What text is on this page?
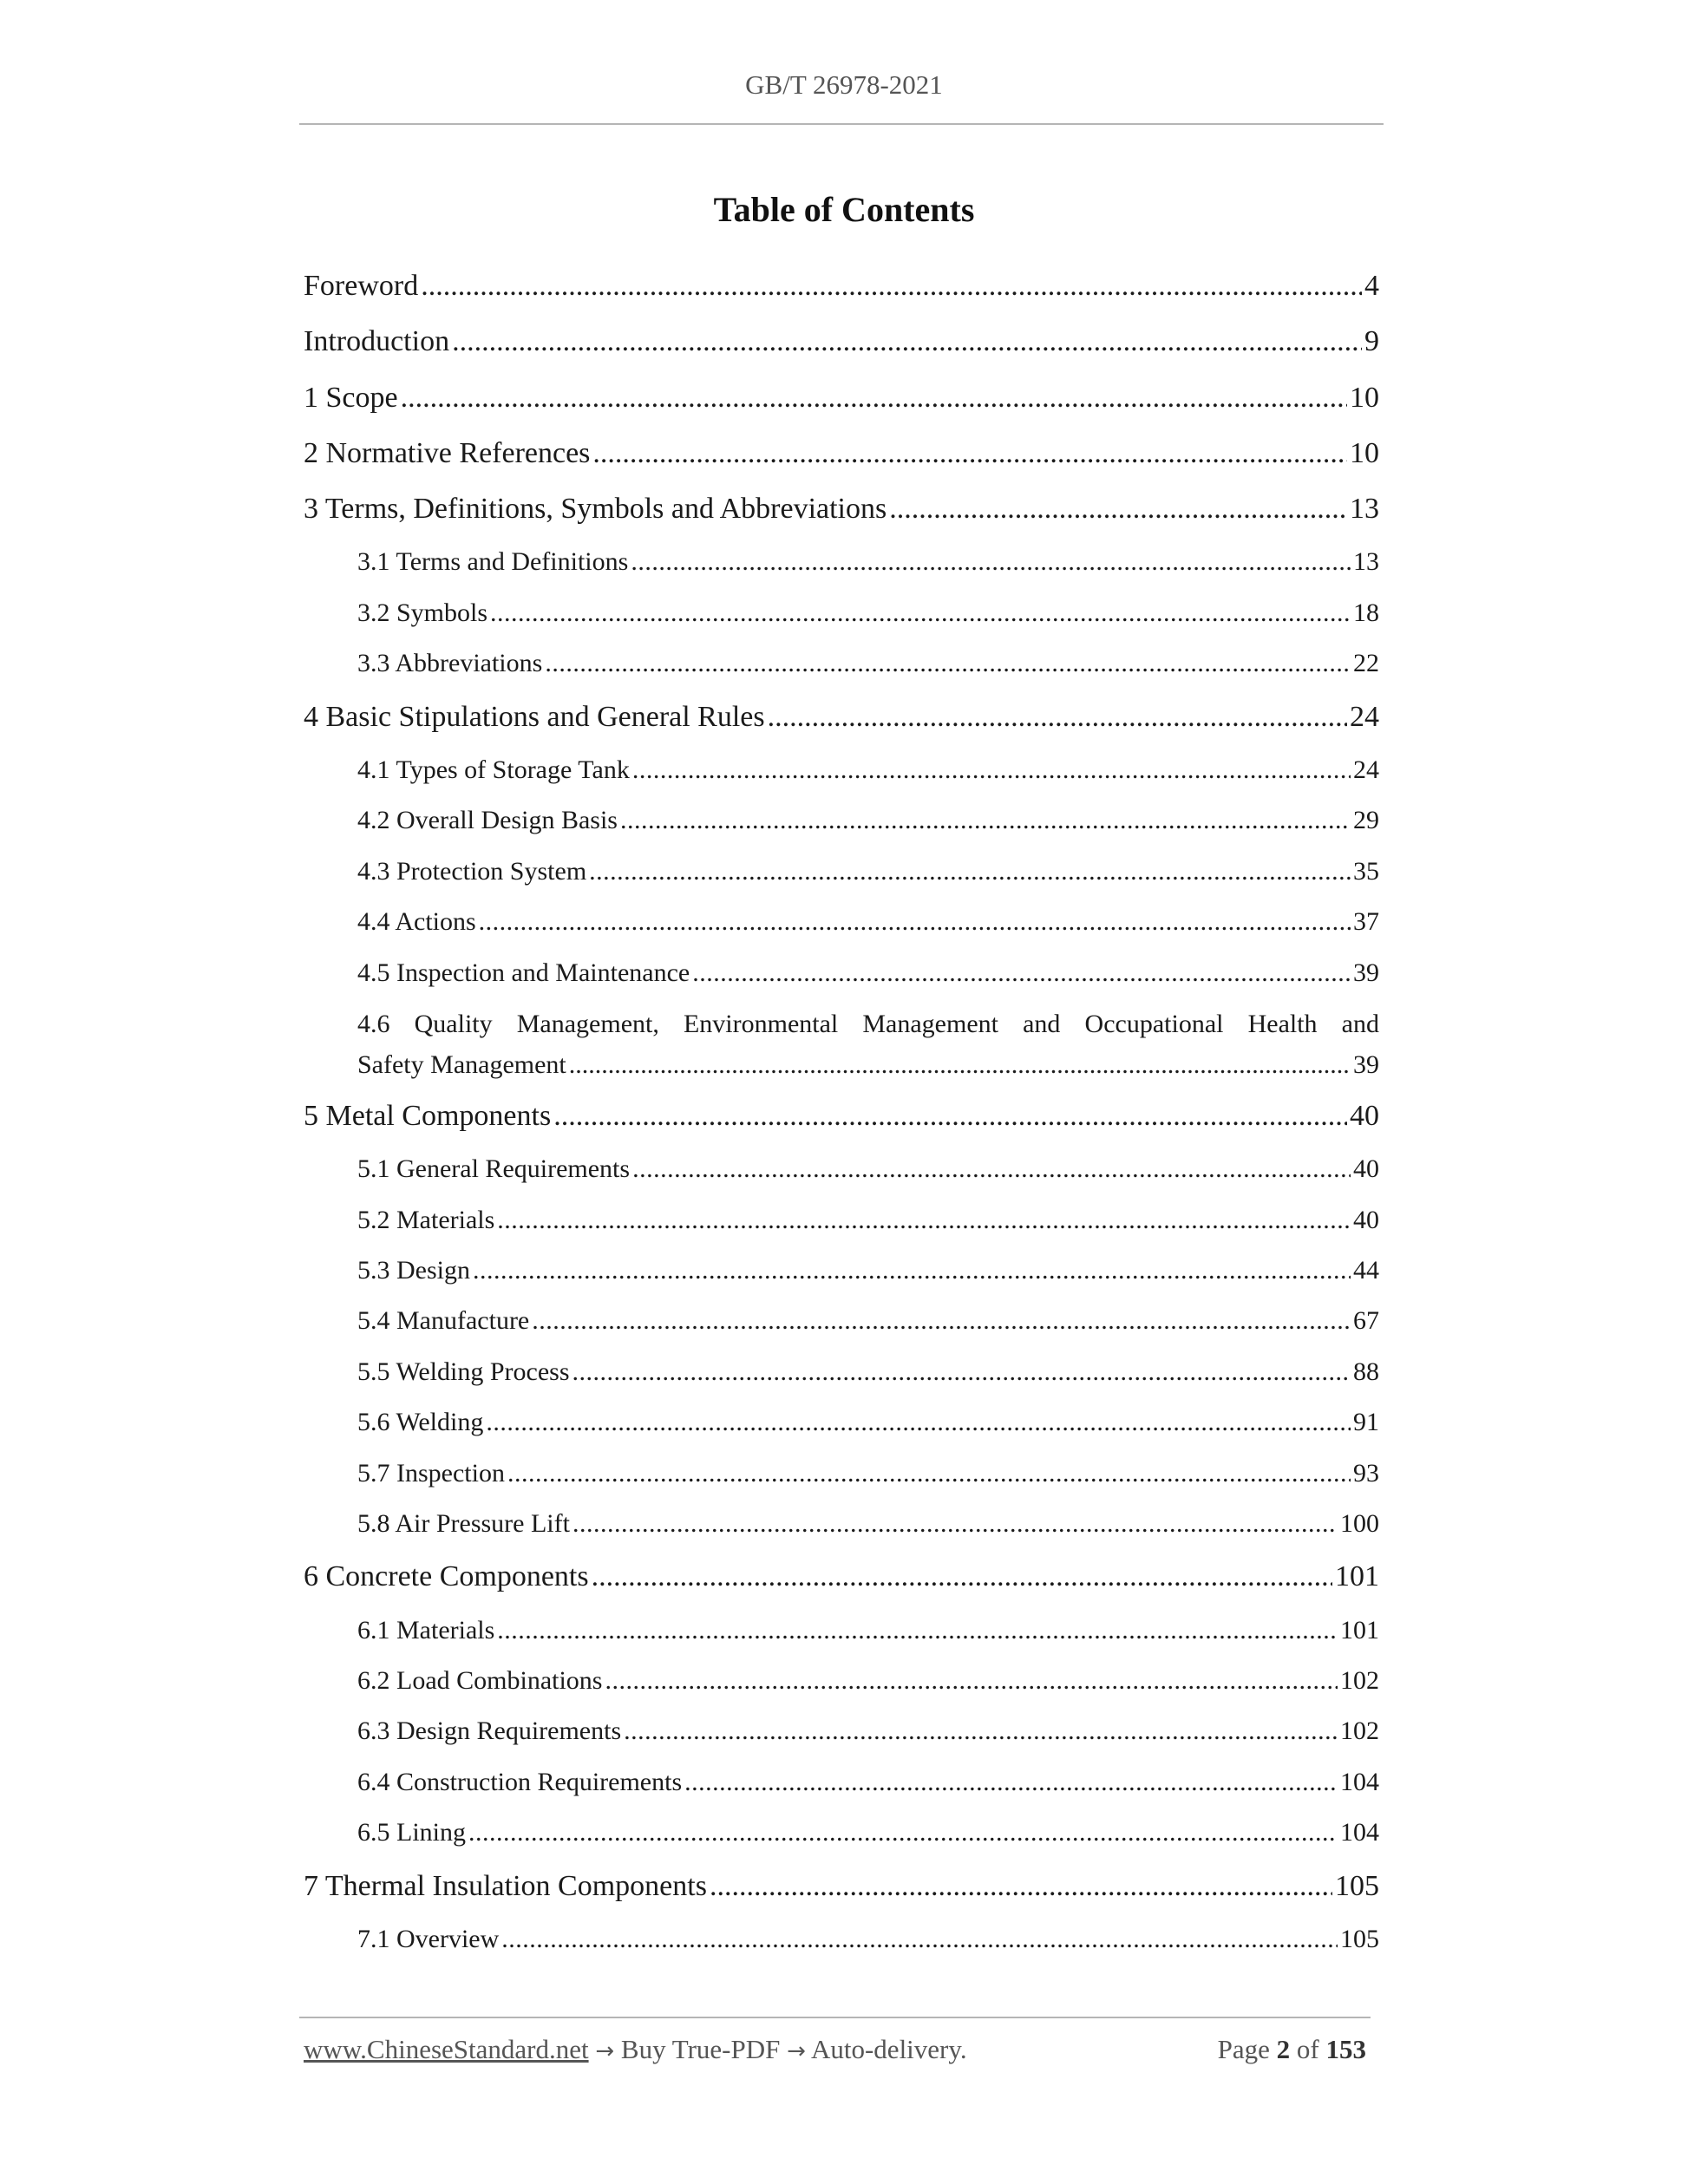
GB/T 26978-2021
Table of Contents
Foreword .....	4
Introduction .....	9
1 Scope .....	10
2 Normative References .....	10
3 Terms, Definitions, Symbols and Abbreviations .....	13
3.1 Terms and Definitions .....	13
3.2 Symbols .....	18
3.3 Abbreviations .....	22
4 Basic Stipulations and General Rules .....	24
4.1 Types of Storage Tank .....	24
4.2 Overall Design Basis .....	29
4.3 Protection System .....	35
4.4 Actions .....	37
4.5 Inspection and Maintenance .....	39
4.6 Quality Management, Environmental Management and Occupational Health and
Safety Management .....	39
5 Metal Components .....	40
5.1 General Requirements .....	40
5.2 Materials .....	40
5.3 Design .....	44
5.4 Manufacture .....	67
5.5 Welding Process .....	88
5.6 Welding .....	91
5.7 Inspection .....	93
5.8 Air Pressure Lift .....	100
6 Concrete Components .....	101
6.1 Materials .....	101
6.2 Load Combinations .....	102
6.3 Design Requirements .....	102
6.4 Construction Requirements .....	104
6.5 Lining .....	104
7 Thermal Insulation Components .....	105
7.1 Overview .....	105
www.ChineseStandard.net → Buy True-PDF → Auto-delivery.	Page 2 of 153
